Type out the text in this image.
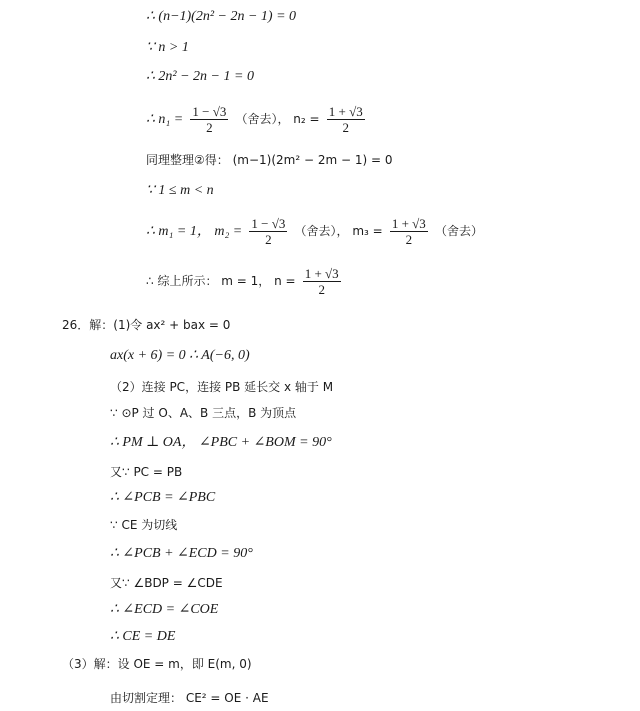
∴ (n−1)(2n² − 2n − 1) = 0
∵ n > 1
∴ 2n² − 2n − 1 = 0
∴ $n_1 = \frac{1 - √3}{2}$ （舍去）， $n_2 = \frac{1 + √3}{2}$
同理整理②得： (m−1)(2m² − 2m − 1) = 0
∵ 1 ≤ m < n
∴ m₁ = 1， $m_2 = \frac{1 - √3}{2}$ （舍去）， $m_3 = \frac{1 + √3}{2}$ （舍去）
∴ 综上所示： m = 1， $n = \frac{1 + √3}{2}$
26．解：(1)令 ax² + bax = 0
ax(x + 6) = 0 ∴ A(−6, 0)
（2）连接 PC，连接 PB 延长交 x 轴于 M
∵ ⊙P 过 O、A、B 三点，B 为顶点
∴ PM ⊥ OA， ∠PBC + ∠BOM = 90°
又∵ PC = PB
∴ ∠PCB = ∠PBC
∵ CE 为切线
∴ ∠PCB + ∠ECD = 90°
又∵ ∠BDP = ∠CDE
∴ ∠ECD = ∠COE
∴ CE = DE
（3）解：设 OE = m，即 E(m, 0)
由切割定理： CE² = OE · AE
